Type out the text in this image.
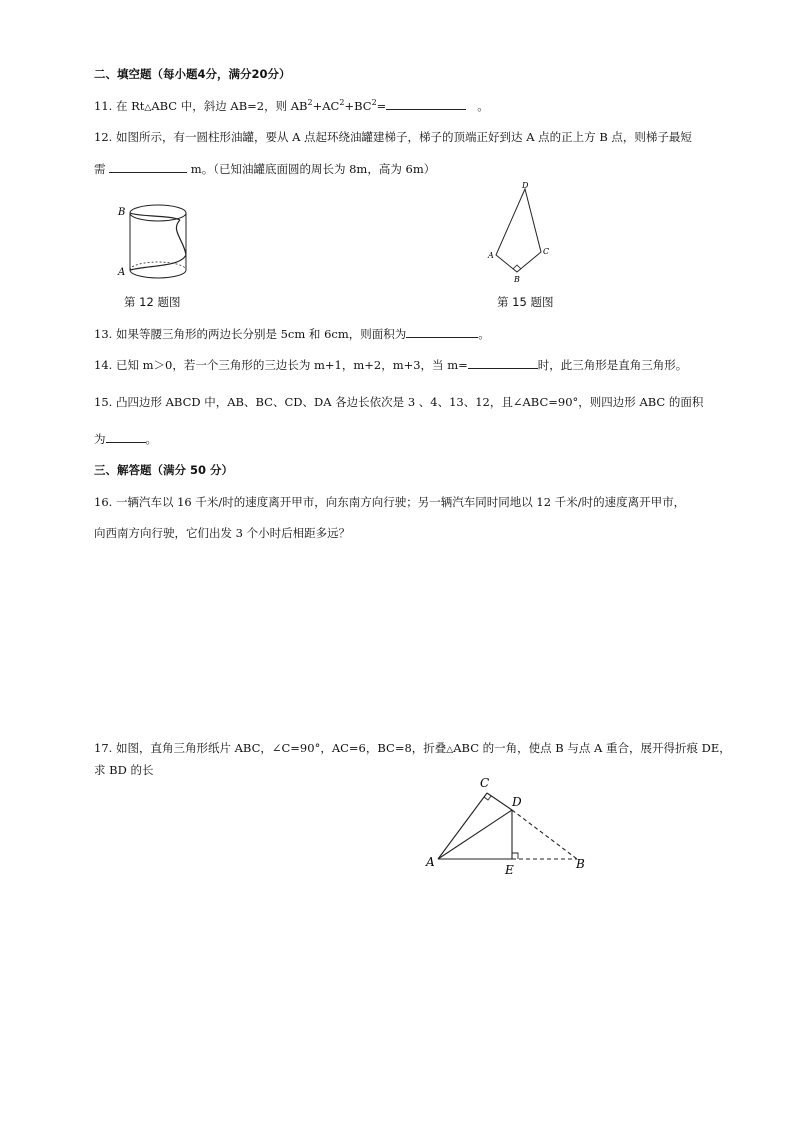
二、填空题（每小题4分，满分20分）
11. 在 Rt△ABC 中，斜边 AB=2，则 $AB^2+AC^2+BC^2=$	。
12. 如图所示，有一圆柱形油罐，要从 A 点起环绕油罐建梯子，梯子的顶端正好到达 A 点的正上方 B 点，则梯子最短
需	m。（已知油罐底面圆的周长为 8m，高为 6m）
B
A
第 12 题图
D
A	C
B
第 15 题图
13. 如果等腰三角形的两边长分别是 5cm 和 6cm，则面积为	。
14. 已知 m＞0，若一个三角形的三边长为 m+1，m+2，m+3，当 m=	时，此三角形是直角三角形。
15. 凸四边形 ABCD 中，AB、BC、CD、DA 各边长依次是 3 、4、13、12，且∠ABC=90°，则四边形 ABC 的面积
为	。
三、解答题（满分 50 分）
16. 一辆汽车以 16 千米/时的速度离开甲市，向东南方向行驶；另一辆汽车同时同地以 12 千米/时的速度离开甲市，
向西南方向行驶，它们出发 3 个小时后相距多远？
17. 如图，直角三角形纸片 ABC，∠C=90°，AC=6，BC=8，折叠△ABC 的一角，使点 B 与点 A 重合，展开得折痕 DE，
求 BD 的长
C
D
A
E	B
